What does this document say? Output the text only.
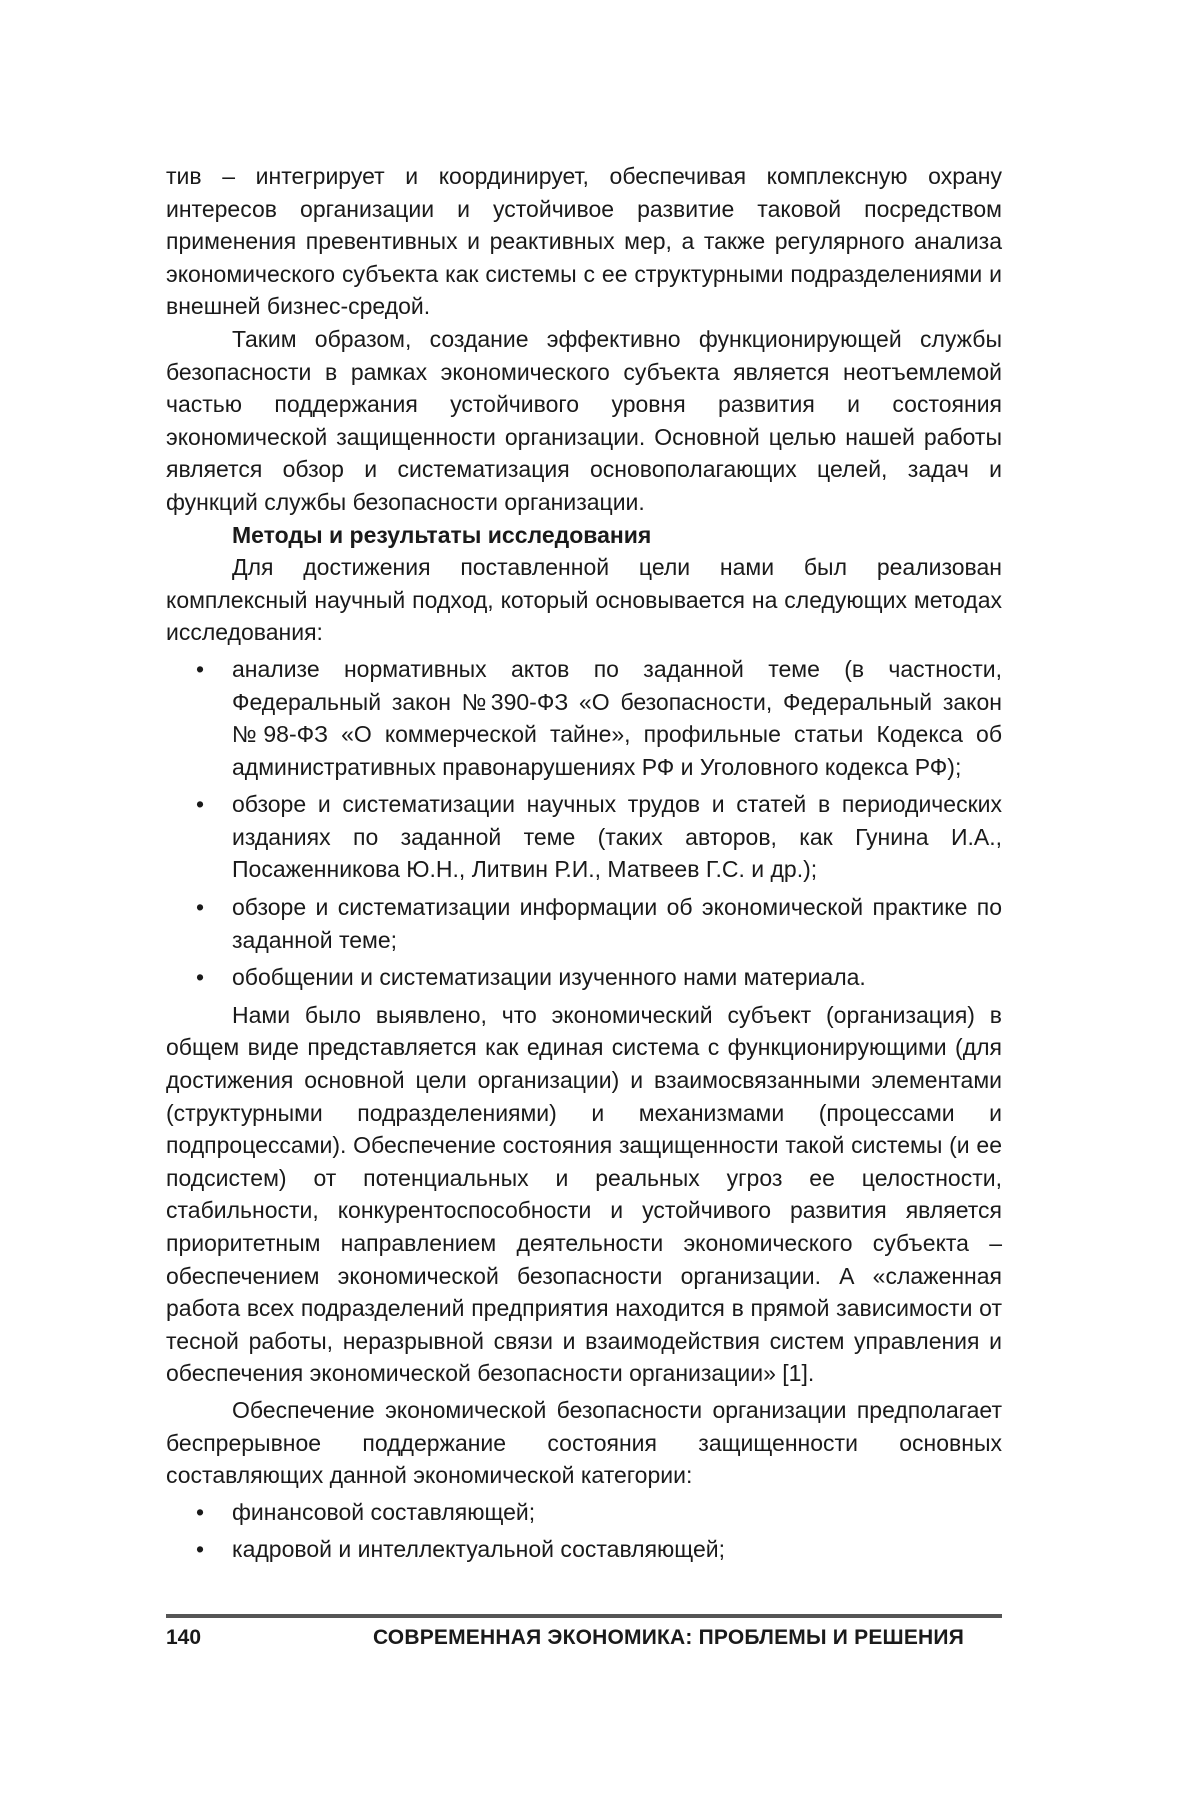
тив – интегрирует и координирует, обеспечивая комплексную охрану интересов организации и устойчивое развитие таковой посредством применения превентивных и реактивных мер, а также регулярного анализа экономического субъекта как системы с ее структурными подразделениями и внешней бизнес-средой.

Таким образом, создание эффективно функционирующей службы безопасности в рамках экономического субъекта является неотъемлемой частью поддержания устойчивого уровня развития и состояния экономической защищенности организации. Основной целью нашей работы является обзор и систематизация основополагающих целей, задач и функций службы безопасности организации.

Методы и результаты исследования

Для достижения поставленной цели нами был реализован комплексный научный подход, который основывается на следующих методах исследования:

• анализе нормативных актов по заданной теме (в частности, Федеральный закон №390-ФЗ «О безопасности, Федеральный закон №98-ФЗ «О коммерческой тайне», профильные статьи Кодекса об административных правонарушениях РФ и Уголовного кодекса РФ);
• обзоре и систематизации научных трудов и статей в периодических изданиях по заданной теме (таких авторов, как Гунина И.А., Посаженникова Ю.Н., Литвин Р.И., Матвеев Г.С. и др.);
• обзоре и систематизации информации об экономической практике по заданной теме;
• обобщении и систематизации изученного нами материала.

Нами было выявлено, что экономический субъект (организация) в общем виде представляется как единая система с функционирующими (для достижения основной цели организации) и взаимосвязанными элементами (структурными подразделениями) и механизмами (процессами и подпроцессами). Обеспечение состояния защищенности такой системы (и ее подсистем) от потенциальных и реальных угроз ее целостности, стабильности, конкурентоспособности и устойчивого развития является приоритетным направлением деятельности экономического субъекта – обеспечением экономической безопасности организации. А «слаженная работа всех подразделений предприятия находится в прямой зависимости от тесной работы, неразрывной связи и взаимодействия систем управления и обеспечения экономической безопасности организации» [1].

Обеспечение экономической безопасности организации предполагает беспрерывное поддержание состояния защищенности основных составляющих данной экономической категории:

• финансовой составляющей;
• кадровой и интеллектуальной составляющей;
140	СОВРЕМЕННАЯ ЭКОНОМИКА: ПРОБЛЕМЫ И РЕШЕНИЯ
